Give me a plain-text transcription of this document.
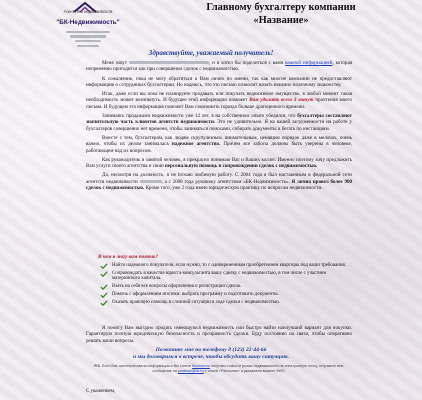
Агентство недвижимости
"БК-Недвижимость"

Главному бухгалтеру компании «Название»
Здравствуйте, уважаемый получатель!

Меня зовут	, и я хотел бы поделиться с вами важной информацией, которая непременно пригодится как при совершении сделок с недвижимостью.

К сожалению, пока не могу обратиться к Вам лично по имени, так как многие компании не предоставляют информацию о сотрудниках бухгалтерии. Но надеюсь, что это письмо позволит начать взаимно полезному знакомству.

Итак, даже если вы пока не планируете продавать или покупать недвижимое имущество, в любой момент такая необходимость может возникнуть. И будущее этой информации поможет Вам удалить всего 3 минут прочтения моего письма. И будущем эта информация поможет Вам сэкономить гораздо больше драгоценного времени.

Занимаясь продажами недвижимости уже 12 лет, я на собственном опыте убедился, что бухгалтеры составляют значительную часть клиентов агентств недвижимости. Это не удивительно. Я на вашей загруженности на работе у бухгалтеров совершенно нет времени, чтобы заниматься поисками, собирать документы и бегать по инстанциям.

Вместе с тем, бухгалтерам, как людям скрупулезным, внимательным, ценящим порядок даже в мелочах, очень важно, чтобы их делом занималась надежное агентство. Причем все заботы должны быть уверены в человеке, работающем над их вопросом.

Как руководитель я занятой человек, я прекрасно понимаю Вас и Ваших коллег. Именно поэтому хочу предложить Вам услуги своего агентства и свою персональную помощь в сопровождении сделок с недвижимостью.

Да, несмотря на должность, я не brosaю любимую работу. С 2004 года я был наставником в федеральной сети агентств недвижимости	, а с 2008 года руковожу агентством «БК-Недвижимость». Я лично провел более 900 сделок с недвижимостью. Кроме того, уже 2 года имею юридическую практику по вопросам недвижимости.

В чем я могу вам помочь?
Найти надежного покупателя, если нужно, то с одновременным приобретением квартиры под ваши требования.
Сопровождать в качестве юриста-консультанта вашу сделку с недвижимостью, в том числе с участием материнского капитала.
Взять на себя все вопросы оформления и регистрации сделок.
Помочь с оформлением ипотеки: выбрать программу и подготовить документы.
Оказать правовую помощь в сложной ситуации в ходе сделки с недвижимостью.

Я помогу Вам выгодно продать имеющуюся недвижимость или быстро найти наилучший вариант для покупки. Гарантирую полную юридическую безопасность и прозрачность сделки. Буду постоянно на связи, чтобы оперативно решать ваши вопросы.

Позвоните мне по телефону 8 (123) 22-44-66
и мы договоримся о встрече, чтобы обсудить вашу ситуацию.
P.S. Если Вас заинтересовала информация и Вы хотите бесплатно получать новости рынка недвижимости на электронную почту, отправьте мне сообщение на postmail@bk.ru с темой «Рассылка» и указанием вашего ФИО.
С уважением,
